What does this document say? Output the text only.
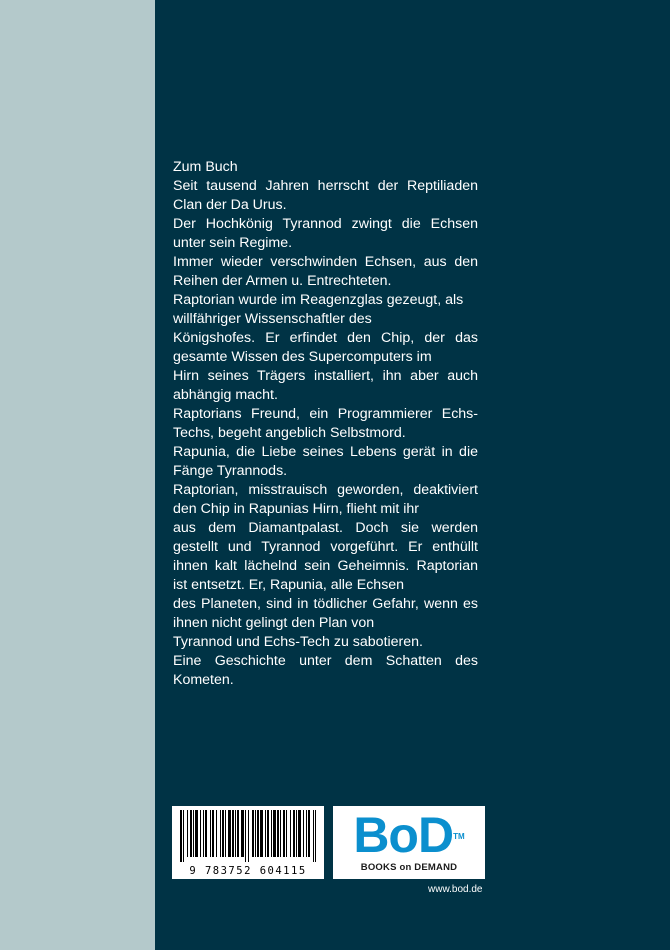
Zum Buch
Seit tausend Jahren herrscht der Reptiliaden
Clan der Da Urus.
Der Hochkönig Tyrannod zwingt die Echsen
unter sein Regime.
Immer wieder verschwinden Echsen, aus den
Reihen der Armen u. Entrechteten.
Raptorian wurde im Reagenzglas gezeugt, als
willfähriger Wissenschaftler des
Königshofes. Er erfindet den Chip, der das
gesamte Wissen des Supercomputers im
Hirn seines Trägers installiert, ihn aber auch
abhängig macht.
Raptorians Freund, ein Programmierer Echs-
Techs, begeht angeblich Selbstmord.
Rapunia, die Liebe seines Lebens gerät in die
Fänge Tyrannods.
Raptorian, misstrauisch geworden, deaktiviert
den Chip in Rapunias Hirn, flieht mit ihr
aus dem Diamantpalast. Doch sie werden
gestellt und Tyrannod vorgeführt. Er enthüllt
ihnen kalt lächelnd sein Geheimnis. Raptorian
ist entsetzt. Er, Rapunia, alle Echsen
des Planeten, sind in tödlicher Gefahr, wenn es
ihnen nicht gelingt den Plan von
Tyrannod und Echs-Tech zu sabotieren.
Eine Geschichte unter dem Schatten des
Kometen.
9 783752 604115
BoD™
BOOKS on DEMAND
www.bod.de
